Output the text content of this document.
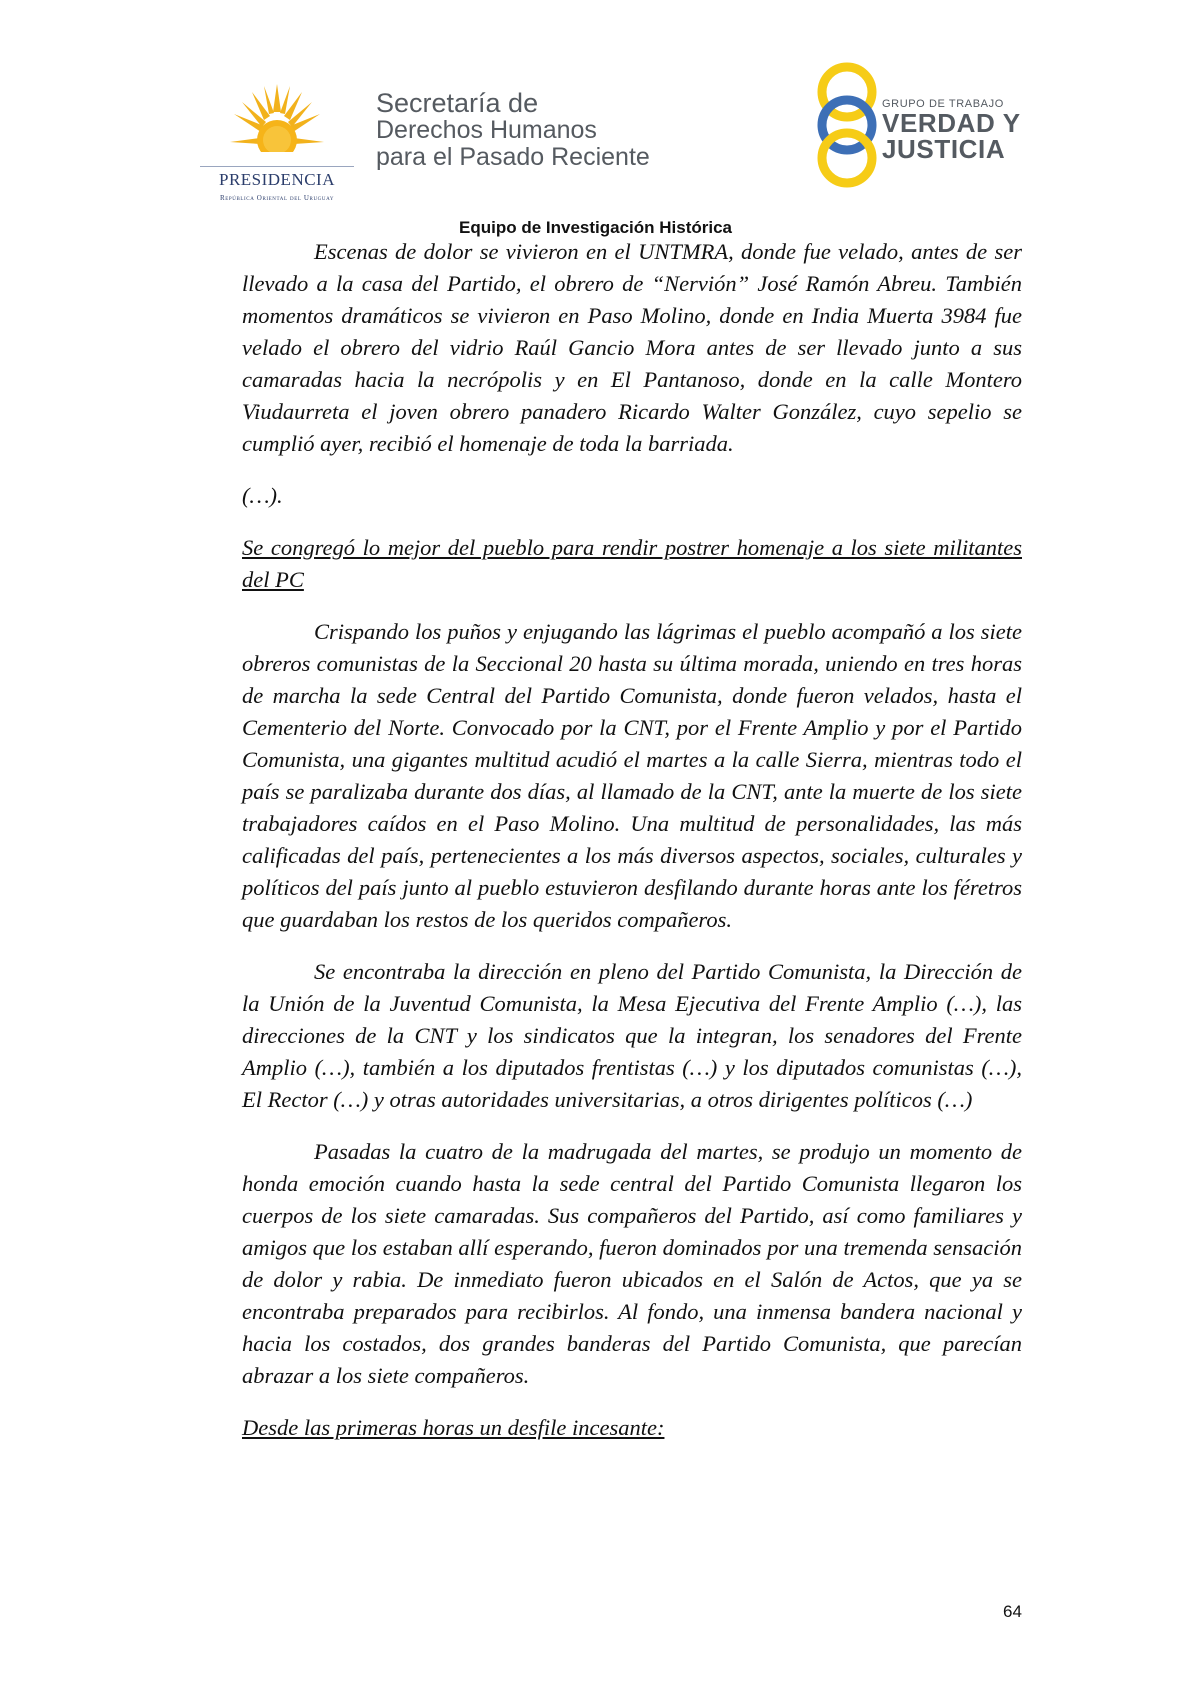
PRESIDENCIA
República Oriental del Uruguay
Secretaría de
Derechos Humanos
para el Pasado Reciente
GRUPO DE TRABAJO
VERDAD Y
JUSTICIA
Equipo de Investigación Histórica

Escenas de dolor se vivieron en el UNTMRA, donde fue velado, antes de ser llevado a la casa del Partido, el obrero de “Nervión” José Ramón Abreu. También momentos dramáticos se vivieron en Paso Molino, donde en India Muerta 3984 fue velado el obrero del vidrio Raúl Gancio Mora antes de ser llevado junto a sus camaradas hacia la necrópolis y en El Pantanoso, donde en la calle Montero Viudaurreta el joven obrero panadero Ricardo Walter González, cuyo sepelio se cumplió ayer, recibió el homenaje de toda la barriada.

(…).

Se congregó lo mejor del pueblo para rendir postrer homenaje a los siete militantes del PC

Crispando los puños y enjugando las lágrimas el pueblo acompañó a los siete obreros comunistas de la Seccional 20 hasta su última morada, uniendo en tres horas de marcha la sede Central del Partido Comunista, donde fueron velados, hasta el Cementerio del Norte. Convocado por la CNT, por el Frente Amplio y por el Partido Comunista, una gigantes multitud acudió el martes a la calle Sierra, mientras todo el país se paralizaba durante dos días, al llamado de la CNT, ante la muerte de los siete trabajadores caídos en el Paso Molino. Una multitud de personalidades, las más calificadas del país, pertenecientes a los más diversos aspectos, sociales, culturales y políticos del país junto al pueblo estuvieron desfilando durante horas ante los féretros que guardaban los restos de los queridos compañeros.

Se encontraba la dirección en pleno del Partido Comunista, la Dirección de la Unión de la Juventud Comunista, la Mesa Ejecutiva del Frente Amplio (…), las direcciones de la CNT y los sindicatos que la integran, los senadores del Frente Amplio (…), también a los diputados frentistas (…) y los diputados comunistas (…), El Rector (…) y otras autoridades universitarias, a otros dirigentes políticos (…)

Pasadas la cuatro de la madrugada del martes, se produjo un momento de honda emoción cuando hasta la sede central del Partido Comunista llegaron los cuerpos de los siete camaradas. Sus compañeros del Partido, así como familiares y amigos que los estaban allí esperando, fueron dominados por una tremenda sensación de dolor y rabia. De inmediato fueron ubicados en el Salón de Actos, que ya se encontraba preparados para recibirlos. Al fondo, una inmensa bandera nacional y hacia los costados, dos grandes banderas del Partido Comunista, que parecían abrazar a los siete compañeros.

Desde las primeras horas un desfile incesante:

64
